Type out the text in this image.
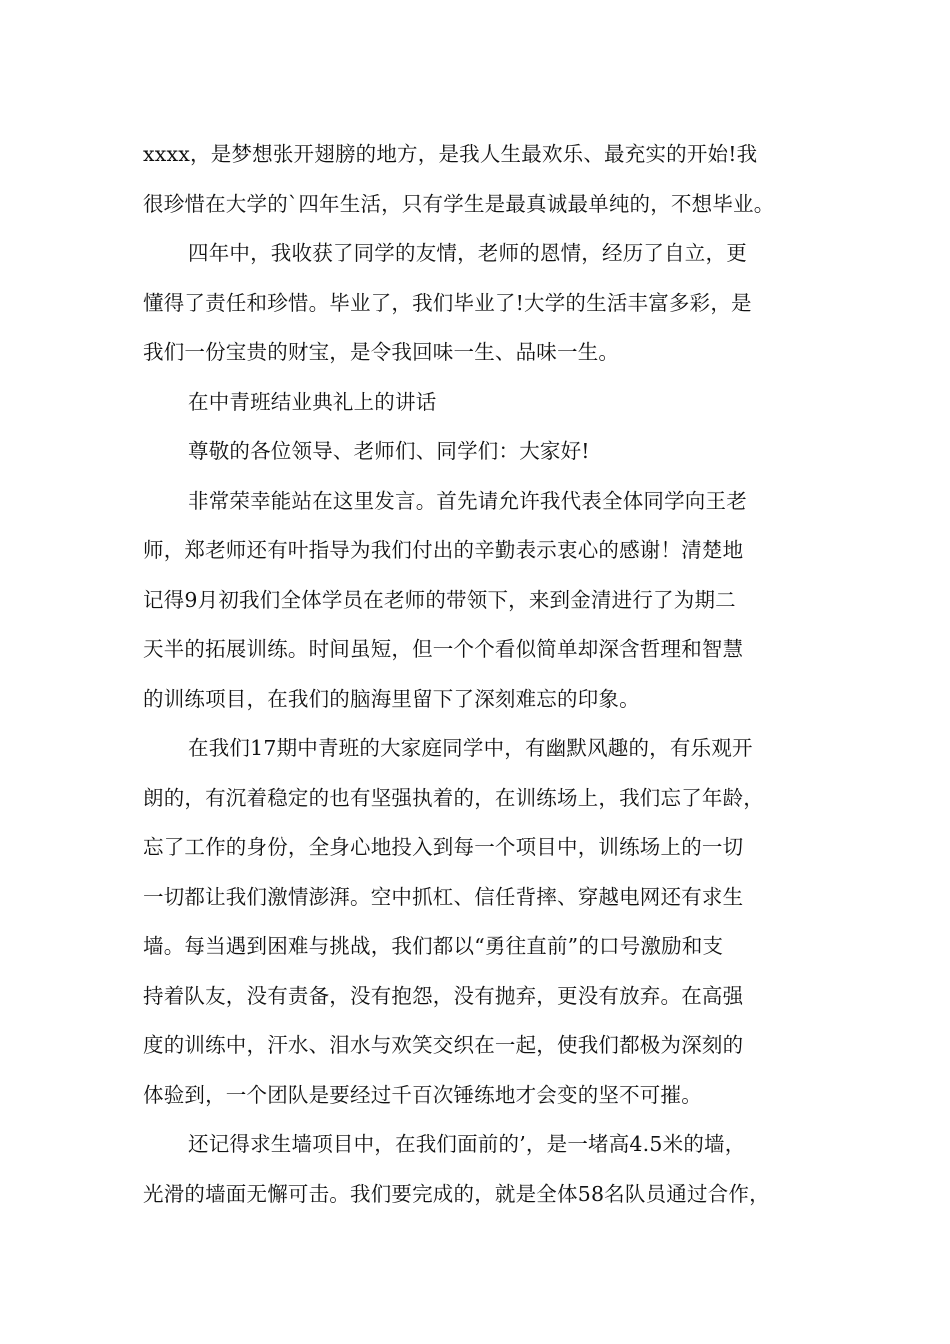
xxxx，是梦想张开翅膀的地方，是我人生最欢乐、最充实的开始!我
很珍惜在大学的`四年生活，只有学生是最真诚最单纯的，不想毕业。
四年中，我收获了同学的友情，老师的恩情，经历了自立，更
懂得了责任和珍惜。毕业了，我们毕业了!大学的生活丰富多彩，是
我们一份宝贵的财宝，是令我回味一生、品味一生。
在中青班结业典礼上的讲话
尊敬的各位领导、老师们、同学们：大家好!
非常荣幸能站在这里发言。首先请允许我代表全体同学向王老
师，郑老师还有叶指导为我们付出的辛勤表示衷心的感谢！清楚地
记得9月初我们全体学员在老师的带领下，来到金清进行了为期二
天半的拓展训练。时间虽短，但一个个看似简单却深含哲理和智慧
的训练项目，在我们的脑海里留下了深刻难忘的印象。
在我们17期中青班的大家庭同学中，有幽默风趣的，有乐观开
朗的，有沉着稳定的也有坚强执着的，在训练场上，我们忘了年龄，
忘了工作的身份，全身心地投入到每一个项目中，训练场上的一切
一切都让我们激情澎湃。空中抓杠、信任背摔、穿越电网还有求生
墙。每当遇到困难与挑战，我们都以“勇往直前”的口号激励和支
持着队友，没有责备，没有抱怨，没有抛弃，更没有放弃。在高强
度的训练中，汗水、泪水与欢笑交织在一起，使我们都极为深刻的
体验到，一个团队是要经过千百次锤练地才会变的坚不可摧。
还记得求生墙项目中，在我们面前的’，是一堵高4.5米的墙，
光滑的墙面无懈可击。我们要完成的，就是全体58名队员通过合作，
